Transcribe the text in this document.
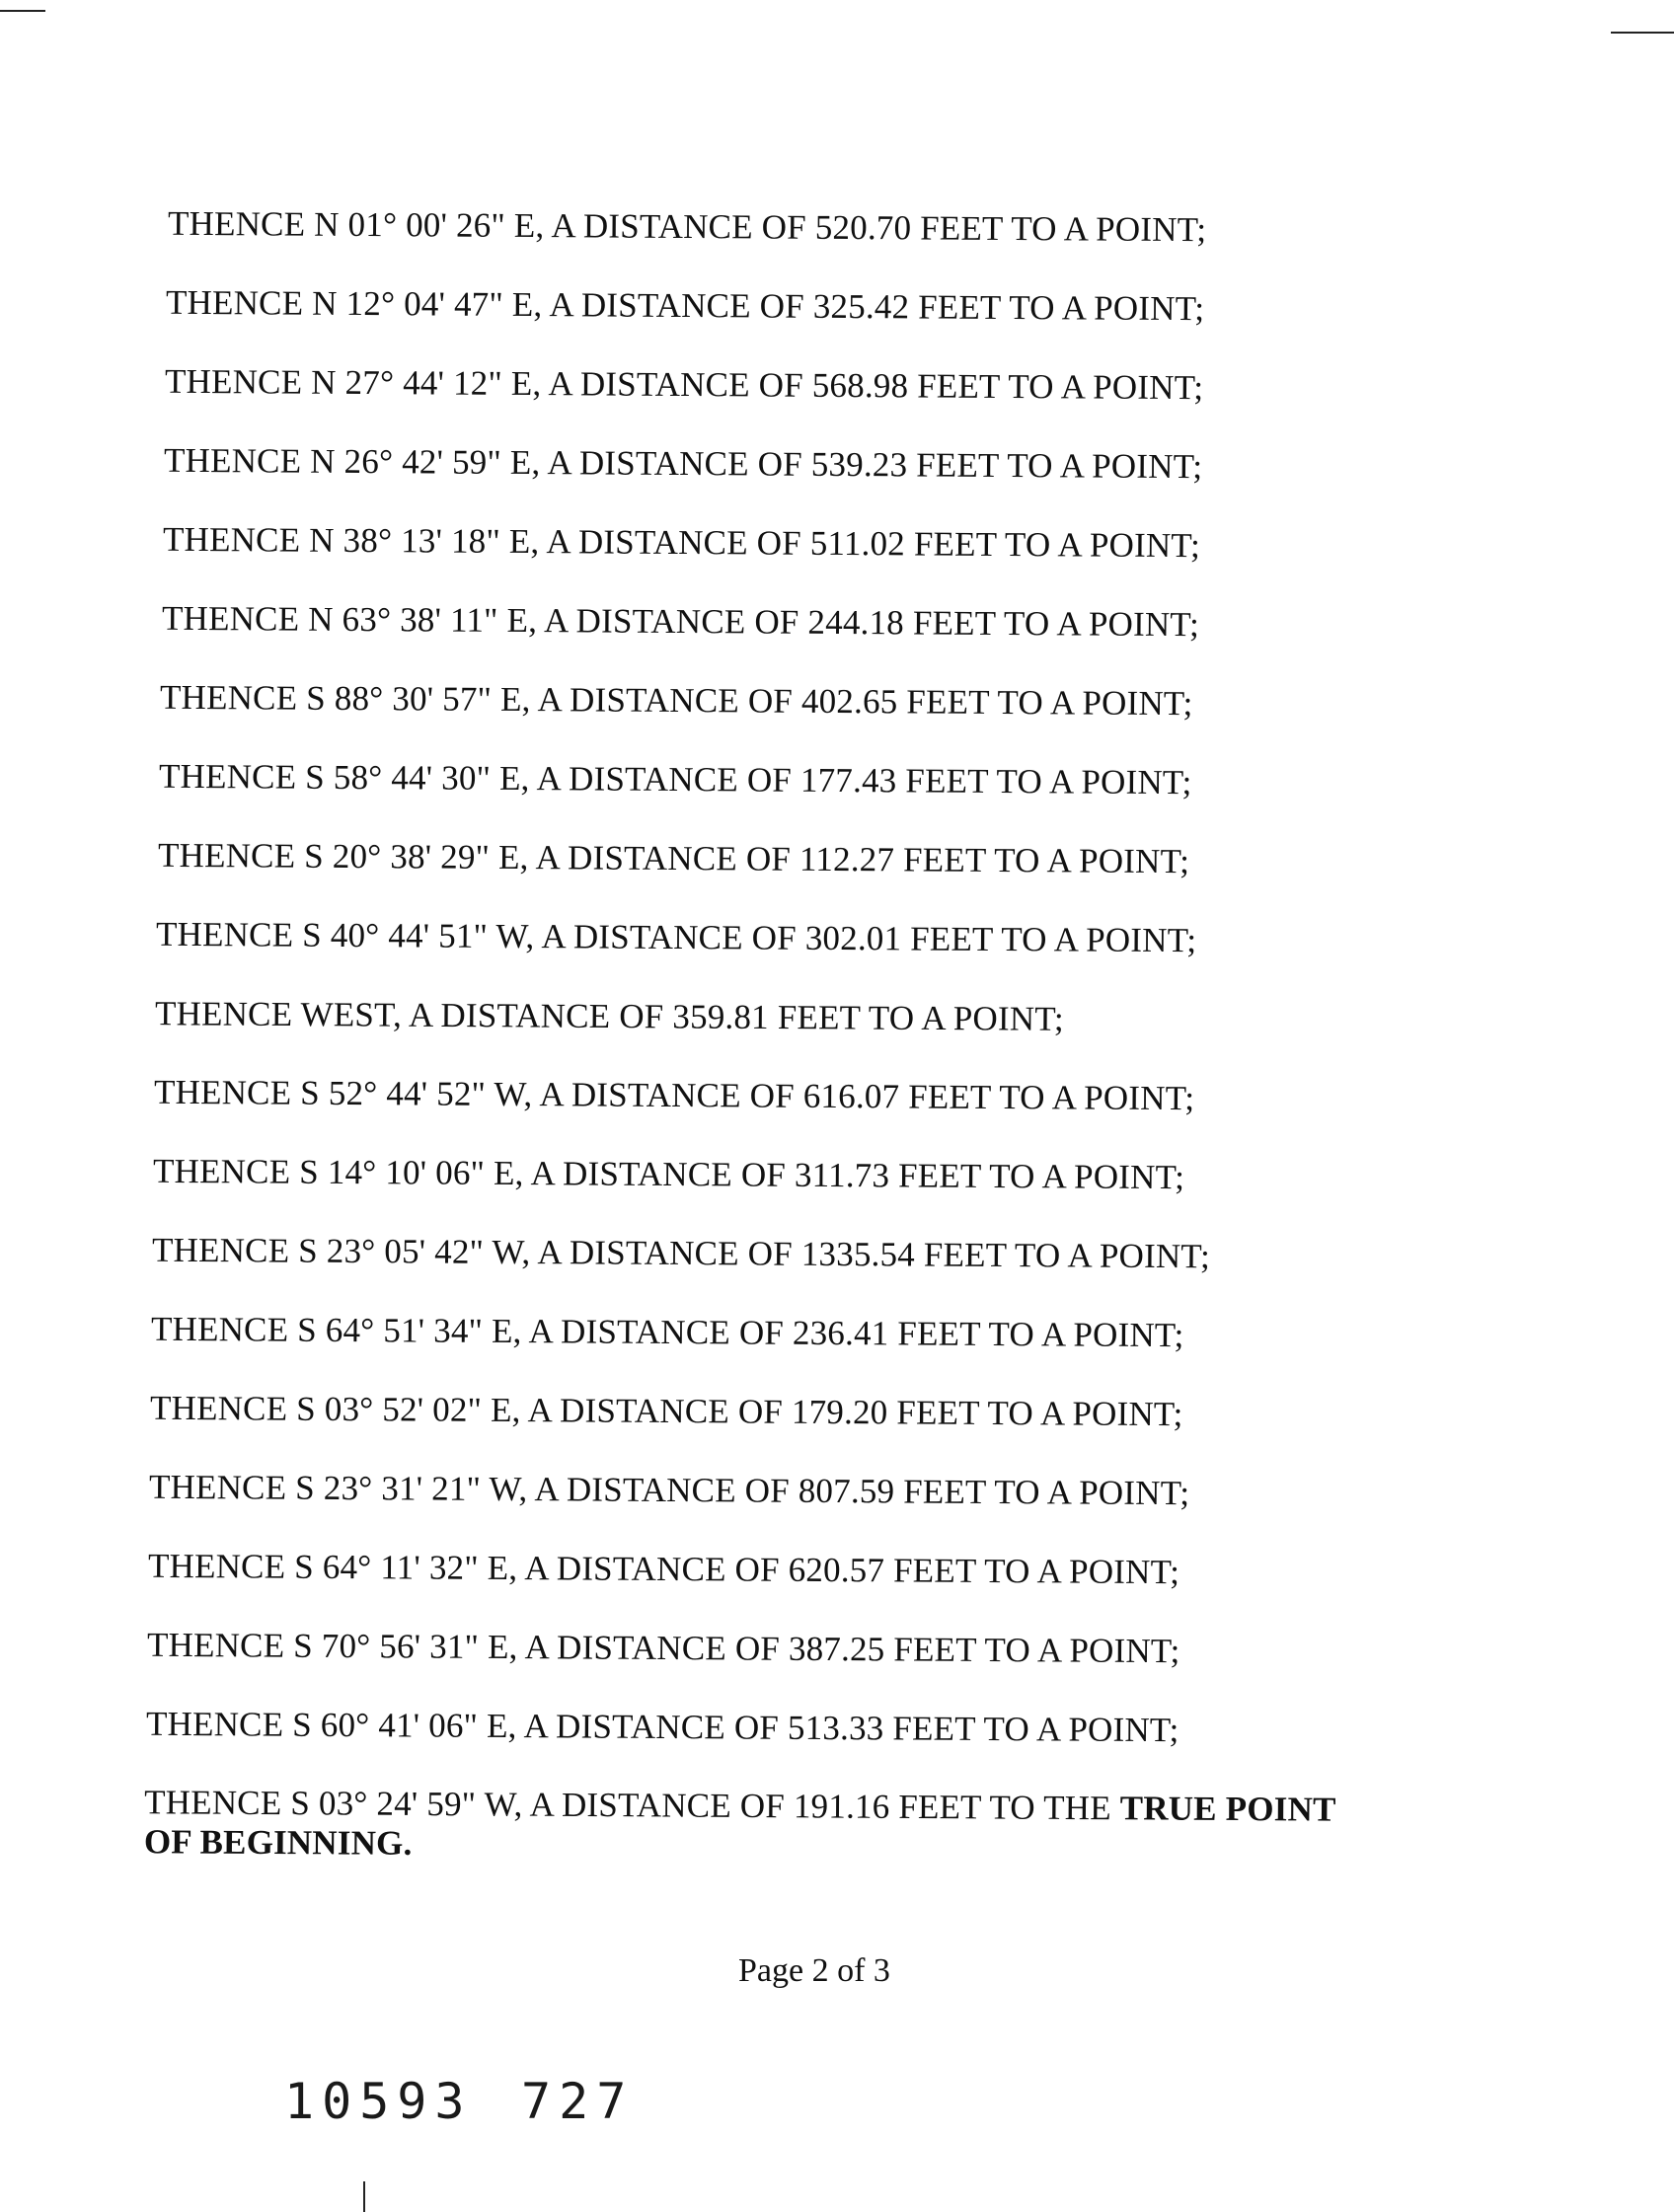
THENCE N 01° 00' 26" E, A DISTANCE OF 520.70 FEET TO A POINT;
THENCE N 12° 04' 47" E, A DISTANCE OF 325.42 FEET TO A POINT;
THENCE N 27° 44' 12" E, A DISTANCE OF 568.98 FEET TO A POINT;
THENCE N 26° 42' 59" E, A DISTANCE OF 539.23 FEET TO A POINT;
THENCE N 38° 13' 18" E, A DISTANCE OF 511.02 FEET TO A POINT;
THENCE N 63° 38' 11" E, A DISTANCE OF 244.18 FEET TO A POINT;
THENCE S 88° 30' 57" E, A DISTANCE OF 402.65 FEET TO A POINT;
THENCE S 58° 44' 30" E, A DISTANCE OF 177.43 FEET TO A POINT;
THENCE S 20° 38' 29" E, A DISTANCE OF 112.27 FEET TO A POINT;
THENCE S 40° 44' 51" W, A DISTANCE OF 302.01 FEET TO A POINT;
THENCE WEST, A DISTANCE OF 359.81 FEET TO A POINT;
THENCE S 52° 44' 52" W, A DISTANCE OF 616.07 FEET TO A POINT;
THENCE S 14° 10' 06" E, A DISTANCE OF 311.73 FEET TO A POINT;
THENCE S 23° 05' 42" W, A DISTANCE OF 1335.54 FEET TO A POINT;
THENCE S 64° 51' 34" E, A DISTANCE OF 236.41 FEET TO A POINT;
THENCE S 03° 52' 02" E, A DISTANCE OF 179.20 FEET TO A POINT;
THENCE S 23° 31' 21" W, A DISTANCE OF 807.59 FEET TO A POINT;
THENCE S 64° 11' 32" E, A DISTANCE OF 620.57 FEET TO A POINT;
THENCE S 70° 56' 31" E, A DISTANCE OF 387.25 FEET TO A POINT;
THENCE S 60° 41' 06" E, A DISTANCE OF 513.33 FEET TO A POINT;
THENCE S 03° 24' 59" W, A DISTANCE OF 191.16 FEET TO THE TRUE POINT OF BEGINNING.
Page 2 of 3
10593 727
